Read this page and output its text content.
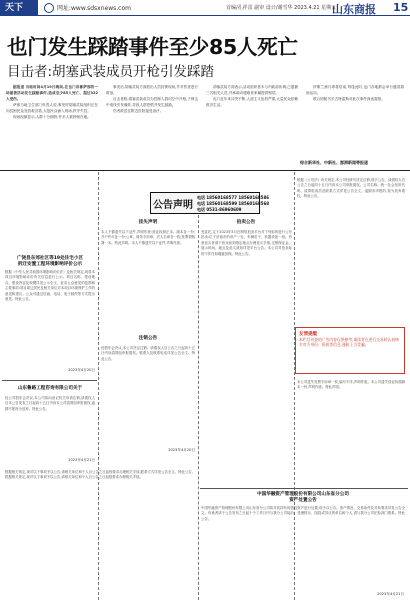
天下	网址:www.sdsxnews.com	首编/孔祥雷 副审 设计/谢雪华 2023.4.21 星期五
山东商报 15
也门发生踩踏事件至少85人死亡
目击者:胡塞武装成员开枪引发踩踏

据报道 当地时间4月19日晚间,在也门首都萨那的一场慈善活动发生踩踏事件,造成至少85人死亡、超过322人受伤。

萨那当地卫生部门负责人说,事发时胡塞武装组织正在向贫困民众发放救济款,大批民众涌入现场,秩序失控。

现场视频显示,人群十分拥挤,许多人被挤倒在地。

事发后,胡塞武装方面派出人员封锁现场,并对伤者进行救治。

目击者称,胡塞武装成员为控制人群向空中开枪,子弹击中电线引发爆炸,导致人群恐慌并发生踩踏。

伤者被送往附近医院接受治疗。

胡塞武装方面表示,活动组织者未与内政部协调,已逮捕三名相关人员,并承诺向遇难者家属提供赔偿。

也门近年来冲突不断,人道主义危机严重,大量民众依赖救济生活。

伊斯兰斋月即将结束,每逢此时,也门各地都会举行慈善捐助活动。

联合国秘书长古特雷斯对此次事件深表震惊。

综合新华社、中新社、澎湃新闻等报道
公告声明
电话 18560168577 18560168586
电话 18560168599 18560168568
电话 0531-86960609
广饶县东郊社区等19处住宅小区
拆迁安置工程环境影响评价公示
根据《中华人民共和国环境影响评价法》及相关规定,现将本项目环境影响评价有关信息进行公示。项目名称、建设地点、建设内容及规模详见公示全文。征求公众意见的范围和主要事项:项目周边居民及相关单位对本项目环境保护工作的意见和建议。公众可通过信函、电话、电子邮件等方式提出意见。特此公告。
2023年4月20日
山东鲁路工程咨询有限公司关于
经公司股东会决议,本公司拟向登记机关申请注销,请债权人自本公告发布之日起四十五日内向本公司清算组申报债权,逾期不报视为放弃。特此公告。
2023年4月21日
挂失声明
本人不慎遗失以下证件,声明作废:营业执照正本、副本各一份;开户许可证一份;公章、财务专用章、法人名章各一枚;发票领购簿一本。特此声明。本人不慎遗失以下证件,声明作废。
注销公告
经股东会决议,本公司决定注销。请债权人自公告之日起四十五日内向清算组申报债权。联系人及联系电话详见公告全文。特此公告。
2023年4月20日
拍卖公告
受委托,定于2023年5月在网络拍卖平台对下列标的进行公开拍卖:位于济南市的房产一处、车辆若干、机器设备一批。有意竞买者请于拍卖前到指定地点办理竞买手续,交纳保证金。展示时间、地点及竞买须知详见平台公告。本公司对拍卖标的不作任何瑕疵担保。特此公告。
根据《公司法》有关规定,本公司经研究决定注销,现予公告。请债权人自公告之日起四十五日内向本公司申报债权。公司名称、统一社会信用代码、清算组成员及联系方式详见公告全文。逾期未申报的,视为放弃债权。特此公告。
友情提醒
本栏目刊登的广告内容仅供参考,请读者在进行交易时认真核实对方身份、资质等信息,谨防上当受骗。
本公司遗失发票专用章一枚,编号不详,声明作废。本公司遗失营业执照副本一份,声明作废。特此声明。
中国华融资产管理股份有限公司山东省分公司
资产处置公告
中国华融资产管理股份有限公司山东省分公司拟对其持有的债权资产进行处置,现予以公告。资产情况、交易条件及对象要求详见公告全文。有意者请于公告发布之日起十个工作日内与我分公司接洽。受理排斥、阻挠或异议的单位和个人,请与我分公司纪检部门联系。特此公告。
2023年4月21日
根据相关规定,现对以下事项予以公告,请相关单位和个人自公告之日起按要求办理相关手续,联系方式详见公告全文。特此公告。根据相关规定,现对以下事项予以公告,请相关单位和个人自公告之日起按要求办理相关手续。
